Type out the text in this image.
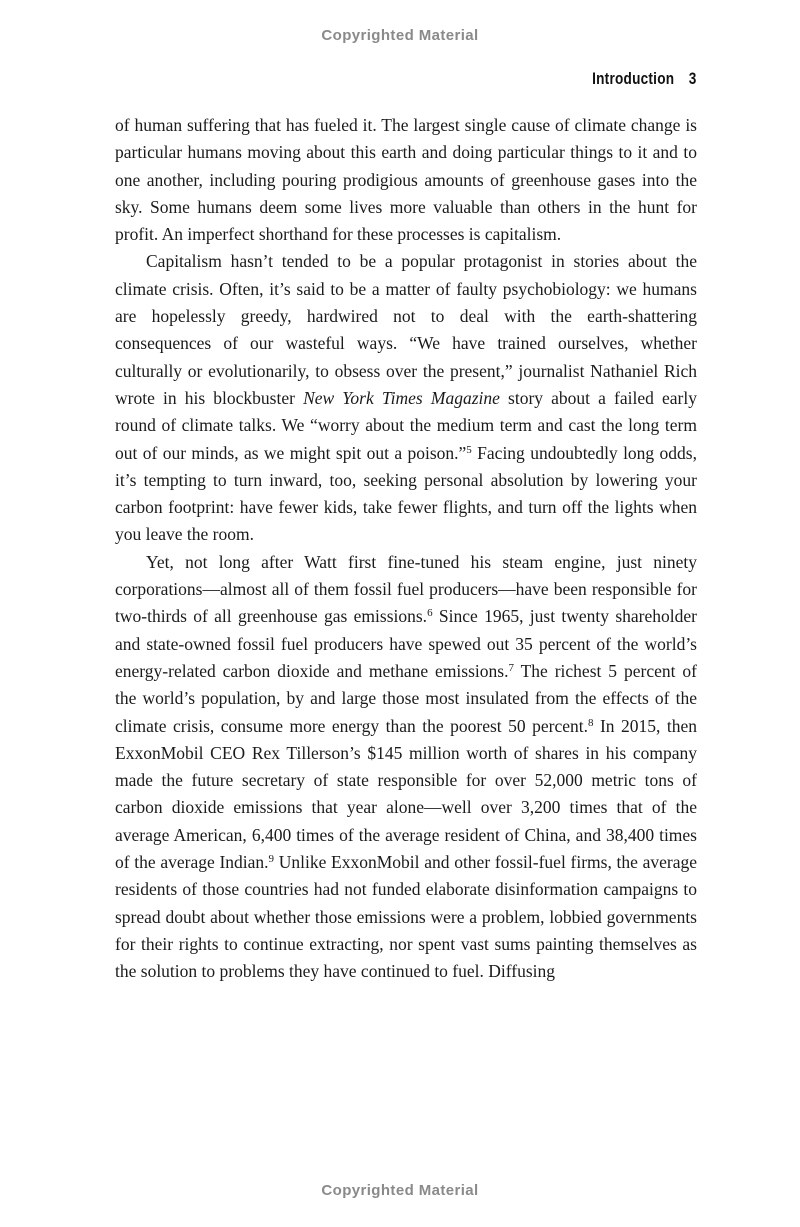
Copyrighted Material
Introduction 3

of human suffering that has fueled it. The largest single cause of climate change is particular humans moving about this earth and doing particular things to it and to one another, including pouring prodigious amounts of greenhouse gases into the sky. Some humans deem some lives more valuable than others in the hunt for profit. An imperfect shorthand for these processes is capitalism.

Capitalism hasn’t tended to be a popular protagonist in stories about the climate crisis. Often, it’s said to be a matter of faulty psychobiology: we humans are hopelessly greedy, hardwired not to deal with the earth-shattering consequences of our wasteful ways. “We have trained ourselves, whether culturally or evolutionarily, to obsess over the present,” journalist Nathaniel Rich wrote in his blockbuster New York Times Magazine story about a failed early round of climate talks. We “worry about the medium term and cast the long term out of our minds, as we might spit out a poison.”$^5$ Facing undoubtedly long odds, it’s tempting to turn inward, too, seeking personal absolution by lowering your carbon footprint: have fewer kids, take fewer flights, and turn off the lights when you leave the room.

Yet, not long after Watt first fine-tuned his steam engine, just ninety corporations—almost all of them fossil fuel producers—have been responsible for two-thirds of all greenhouse gas emissions.$^6$ Since 1965, just twenty shareholder and state-owned fossil fuel producers have spewed out 35 percent of the world’s energy-related carbon dioxide and methane emissions.$^7$ The richest 5 percent of the world’s population, by and large those most insulated from the effects of the climate crisis, consume more energy than the poorest 50 percent.$^8$ In 2015, then ExxonMobil CEO Rex Tillerson’s $145 million worth of shares in his company made the future secretary of state responsible for over 52,000 metric tons of carbon dioxide emissions that year alone—well over 3,200 times that of the average American, 6,400 times of the average resident of China, and 38,400 times of the average Indian.$^9$ Unlike ExxonMobil and other fossil-fuel firms, the average residents of those countries had not funded elaborate disinformation campaigns to spread doubt about whether those emissions were a problem, lobbied governments for their rights to continue extracting, nor spent vast sums painting themselves as the solution to problems they have continued to fuel. Diffusing

Copyrighted Material
